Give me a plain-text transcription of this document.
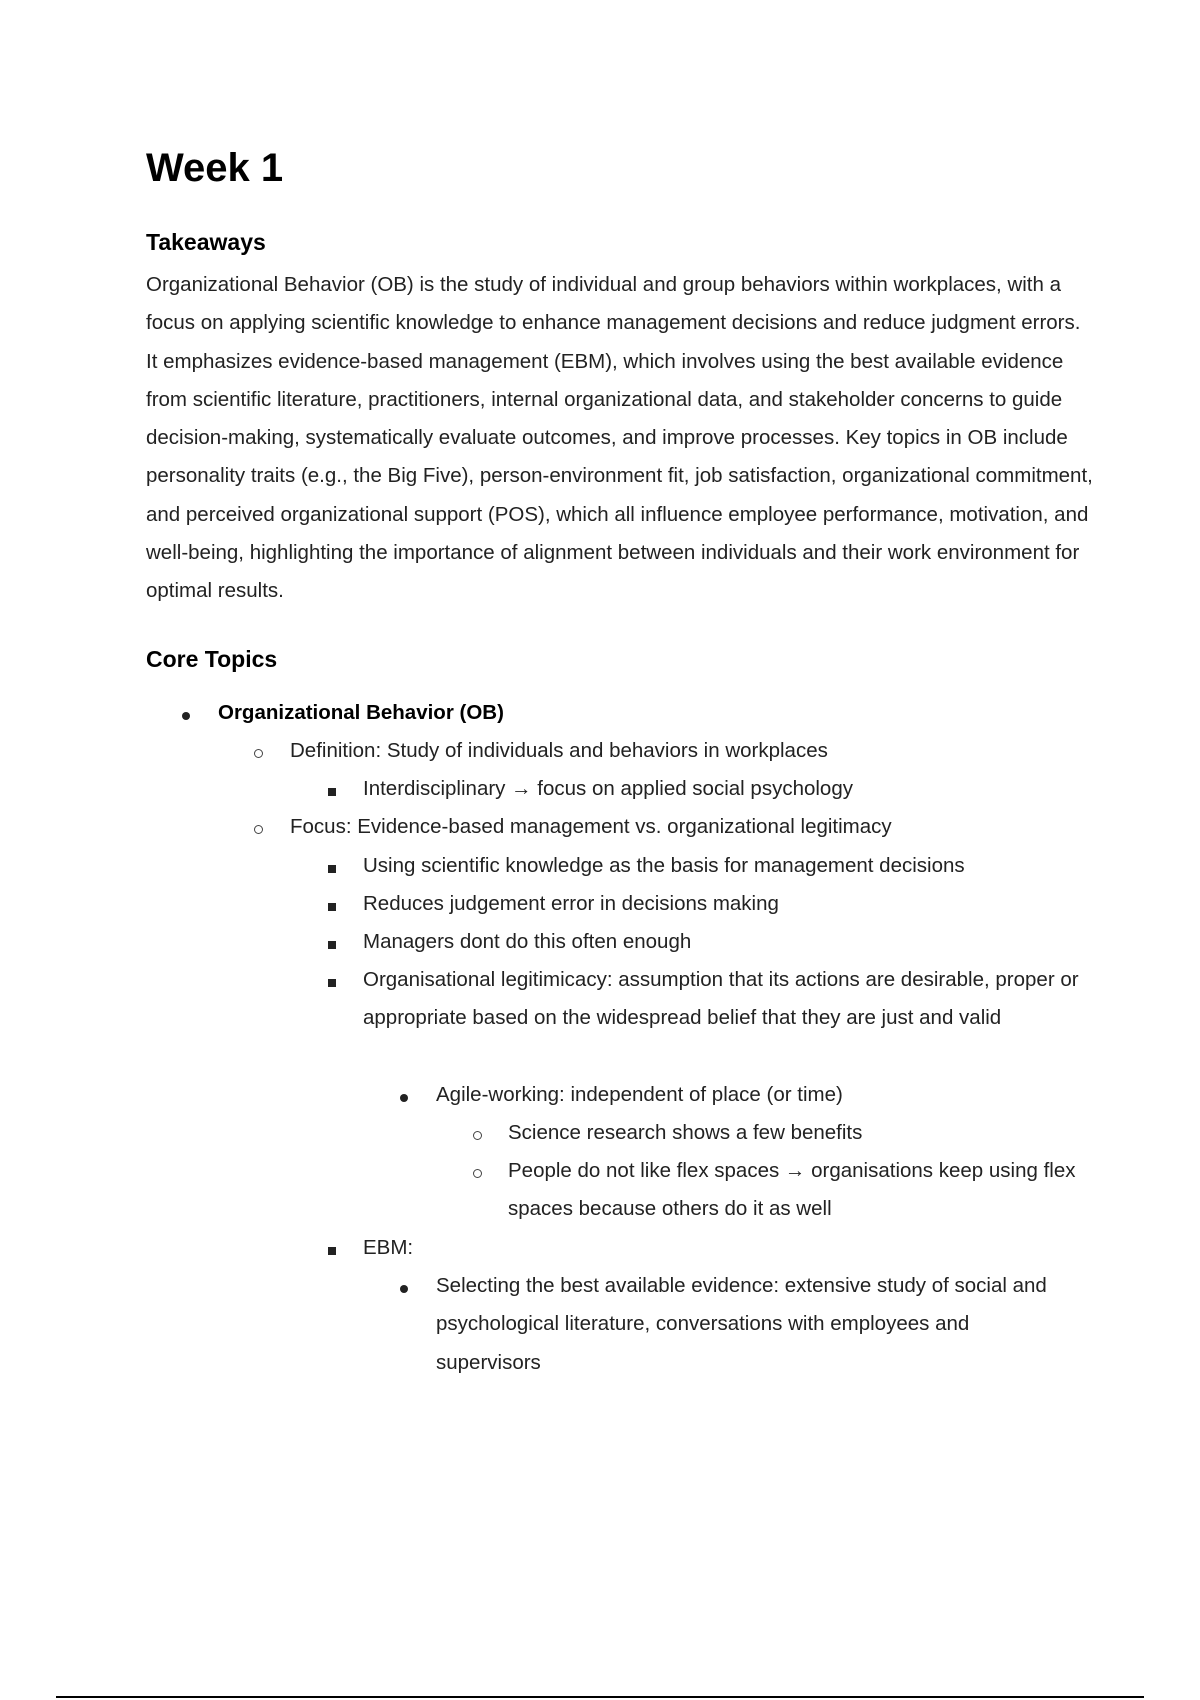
Week 1
Takeaways

Organizational Behavior (OB) is the study of individual and group behaviors within workplaces, with a focus on applying scientific knowledge to enhance management decisions and reduce judgment errors. It emphasizes evidence-based management (EBM), which involves using the best available evidence from scientific literature, practitioners, internal organizational data, and stakeholder concerns to guide decision-making, systematically evaluate outcomes, and improve processes. Key topics in OB include personality traits (e.g., the Big Five), person-environment fit, job satisfaction, organizational commitment, and perceived organizational support (POS), which all influence employee performance, motivation, and well-being, highlighting the importance of alignment between individuals and their work environment for optimal results.

Core Topics

Organizational Behavior (OB)

Definition: Study of individuals and behaviors in workplaces

Interdisciplinary → focus on applied social psychology

Focus: Evidence-based management vs. organizational legitimacy

Using scientific knowledge as the basis for management decisions

Reduces judgement error in decisions making

Managers dont do this often enough

Organisational legitimicacy: assumption that its actions are desirable, proper or appropriate based on the widespread belief that they are just and valid

Agile-working: independent of place (or time)

Science research shows a few benefits

People do not like flex spaces → organisations keep using flex spaces because others do it as well

EBM:

Selecting the best available evidence: extensive study of social and psychological literature, conversations with employees and supervisors
